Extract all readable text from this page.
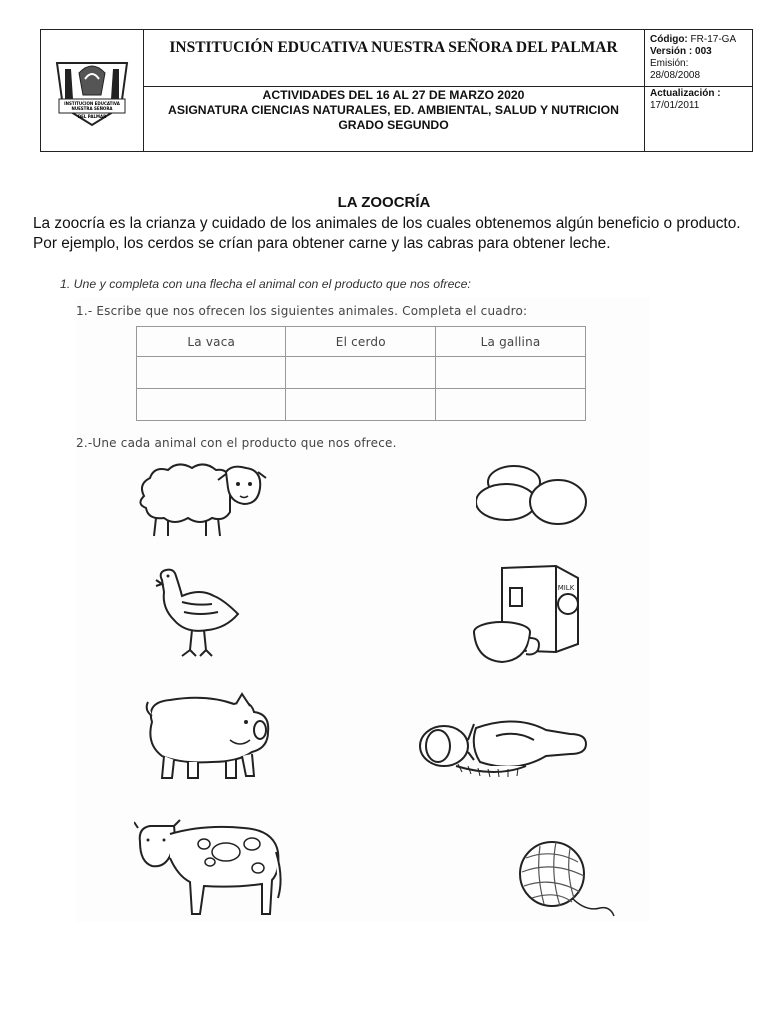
INSTITUCION EDUCATIVA
NUESTRA SEÑORA
DEL PALMAR
INSTITUCIÓN EDUCATIVA NUESTRA SEÑORA DEL PALMAR
ACTIVIDADES DEL 16 AL 27 DE MARZO 2020
ASIGNATURA CIENCIAS NATURALES, ED. AMBIENTAL, SALUD Y NUTRICION
GRADO SEGUNDO
Código: FR-17-GA
Versión : 003
Emisión:
28/08/2008
Actualización :
17/01/2011
LA ZOOCRÍA
La zoocría es la crianza y cuidado de los animales de los cuales obtenemos algún beneficio o producto. Por ejemplo, los cerdos se crían para obtener carne y las cabras para obtener leche.
1. Une y completa con una flecha el animal con el producto que nos ofrece:
1.- Escribe que nos ofrecen los siguientes animales. Completa el cuadro:
La vaca	El cerdo	La gallina

2.-Une cada animal con el producto que nos ofrece.
MILK
